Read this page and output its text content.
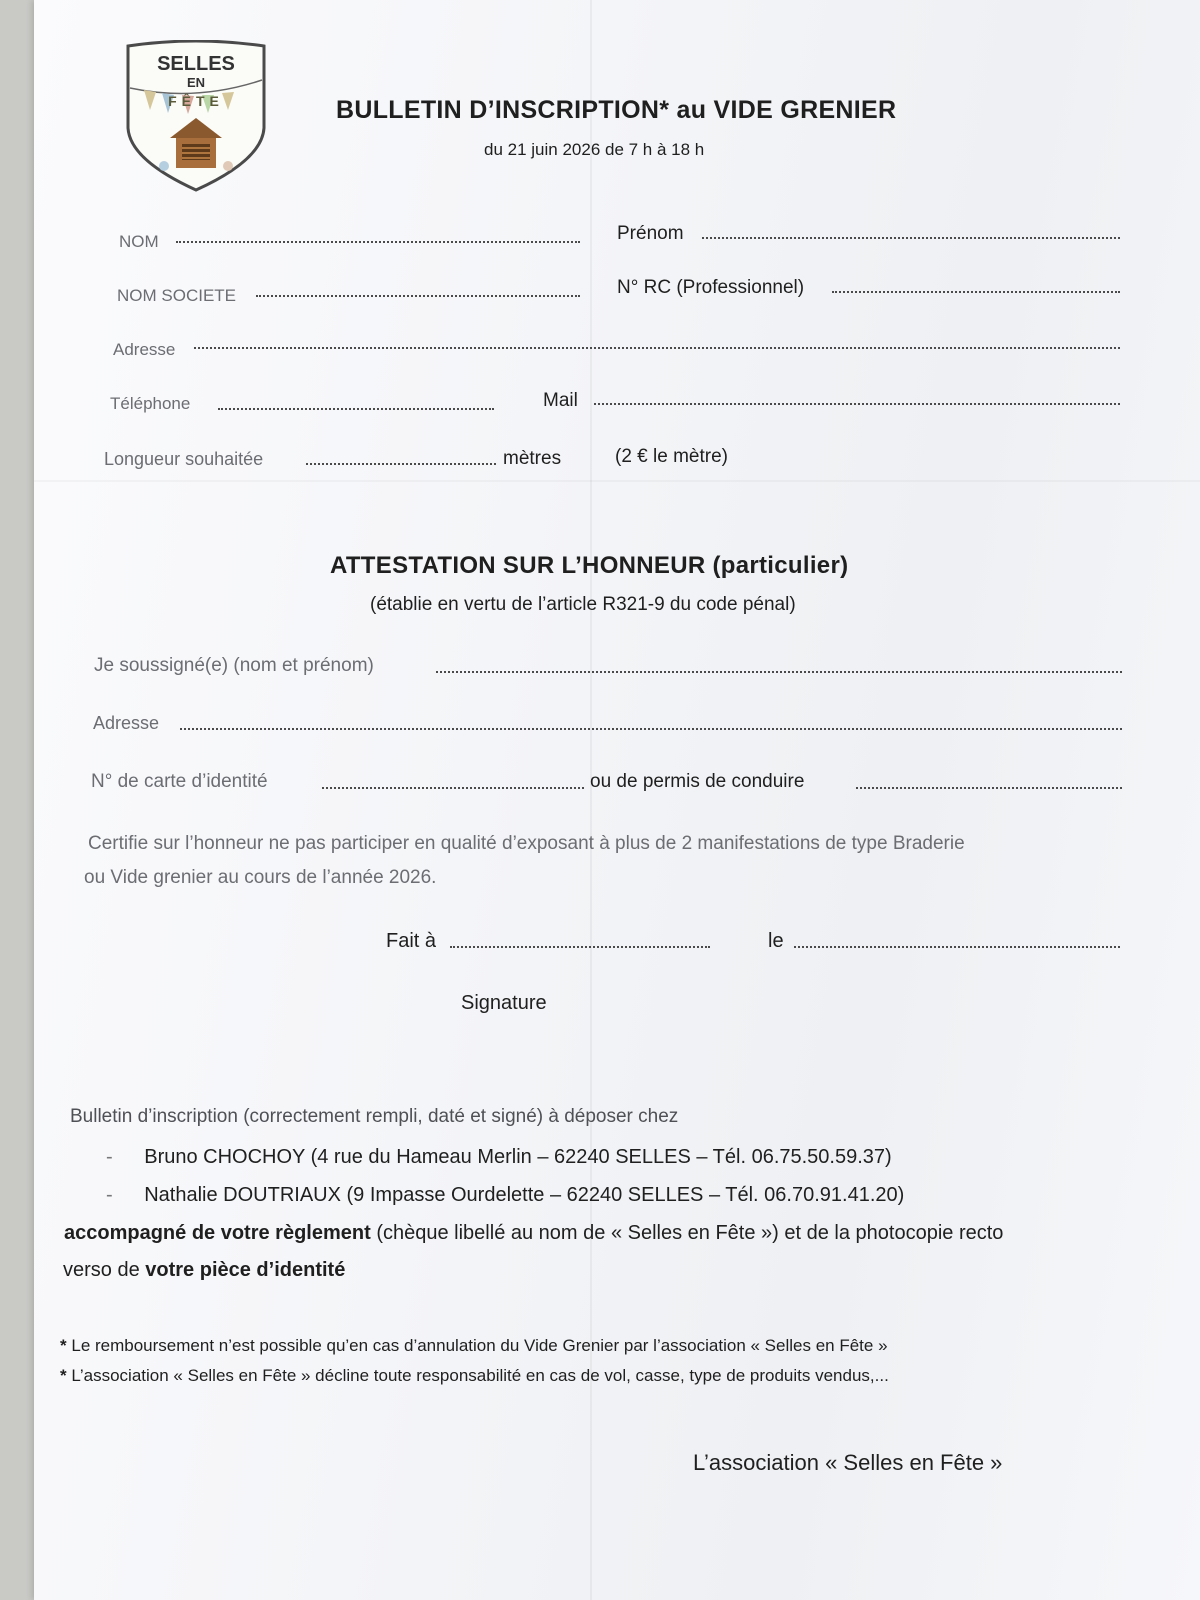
SELLES
EN
FÊTE	BULLETIN D’INSCRIPTION* au VIDE GRENIER
du 21 juin 2026 de 7 h à 18 h
NOM	Prénom
NOM SOCIETE	N° RC (Professionnel)
Adresse
Téléphone	Mail
Longueur souhaitée	mètres	(2 € le mètre)
ATTESTATION SUR L’HONNEUR (particulier)
(établie en vertu de l’article R321-9 du code pénal)
Je soussigné(e) (nom et prénom)
Adresse
N° de carte d’identité	ou de permis de conduire
Certifie sur l’honneur ne pas participer en qualité d’exposant à plus de 2 manifestations de type Braderie
ou Vide grenier au cours de l’année 2026.
Fait à	le
Signature
Bulletin d’inscription (correctement rempli, daté et signé) à déposer chez
- Bruno CHOCHOY (4 rue du Hameau Merlin – 62240 SELLES – Tél. 06.75.50.59.37)
- Nathalie DOUTRIAUX (9 Impasse Ourdelette – 62240 SELLES – Tél. 06.70.91.41.20)
accompagné de votre règlement (chèque libellé au nom de « Selles en Fête ») et de la photocopie recto
verso de votre pièce d’identité
* Le remboursement n’est possible qu’en cas d’annulation du Vide Grenier par l’association « Selles en Fête »
* L’association « Selles en Fête » décline toute responsabilité en cas de vol, casse, type de produits vendus,...
L’association « Selles en Fête »
